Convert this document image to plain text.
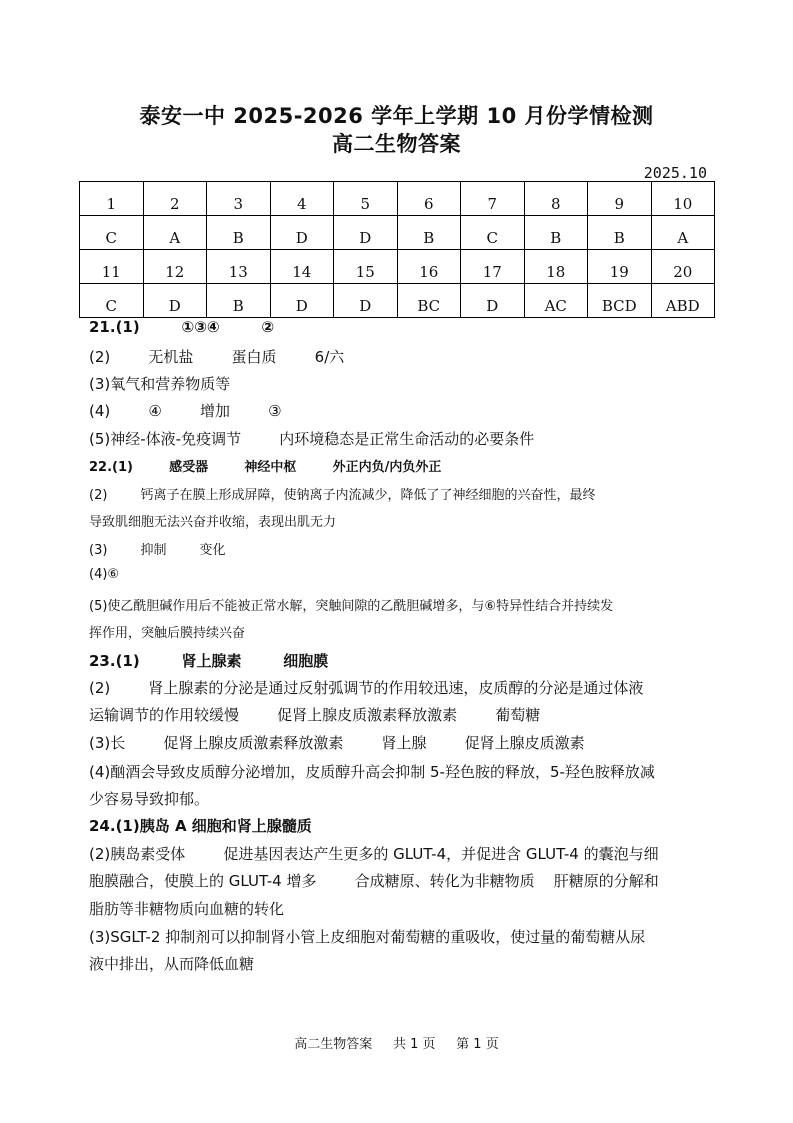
泰安一中 2025-2026 学年上学期 10 月份学情检测
高二生物答案
2025.10
1	2	3	4	5	6	7	8	9	10
C	A	B	D	D	B	C	B	B	A
11	12	13	14	15	16	17	18	19	20
C	D	B	D	D	BC	D	AC	BCD	ABD
21.(1)        ①③④        ②
(2)        无机盐        蛋白质        6/六
(3)氧气和营养物质等
(4)        ④        增加        ③
(5)神经-体液-免疫调节        内环境稳态是正常生命活动的必要条件
22.(1)        感受器        神经中枢        外正内负/内负外正
(2)        钙离子在膜上形成屏障，使钠离子内流减少，降低了了神经细胞的兴奋性，最终
导致肌细胞无法兴奋并收缩，表现出肌无力
(3)        抑制        变化
(4)⑥
(5)使乙酰胆碱作用后不能被正常水解，突触间隙的乙酰胆碱增多，与⑥特异性结合并持续发
挥作用，突触后膜持续兴奋
23.(1)        肾上腺素        细胞膜
(2)        肾上腺素的分泌是通过反射弧调节的作用较迅速，皮质醇的分泌是通过体液
运输调节的作用较缓慢        促肾上腺皮质激素释放激素        葡萄糖
(3)长        促肾上腺皮质激素释放激素        肾上腺        促肾上腺皮质激素
(4)酗酒会导致皮质醇分泌增加，皮质醇升高会抑制 5-羟色胺的释放，5-羟色胺释放减
少容易导致抑郁。
24.(1)胰岛 A 细胞和肾上腺髓质
(2)胰岛素受体        促进基因表达产生更多的 GLUT-4，并促进含 GLUT-4 的囊泡与细
胞膜融合，使膜上的 GLUT-4 增多        合成糖原、转化为非糖物质    肝糖原的分解和
脂肪等非糖物质向血糖的转化
(3)SGLT-2 抑制剂可以抑制肾小管上皮细胞对葡萄糖的重吸收，使过量的葡萄糖从尿
液中排出，从而降低血糖
高二生物答案     共 1 页     第 1 页
